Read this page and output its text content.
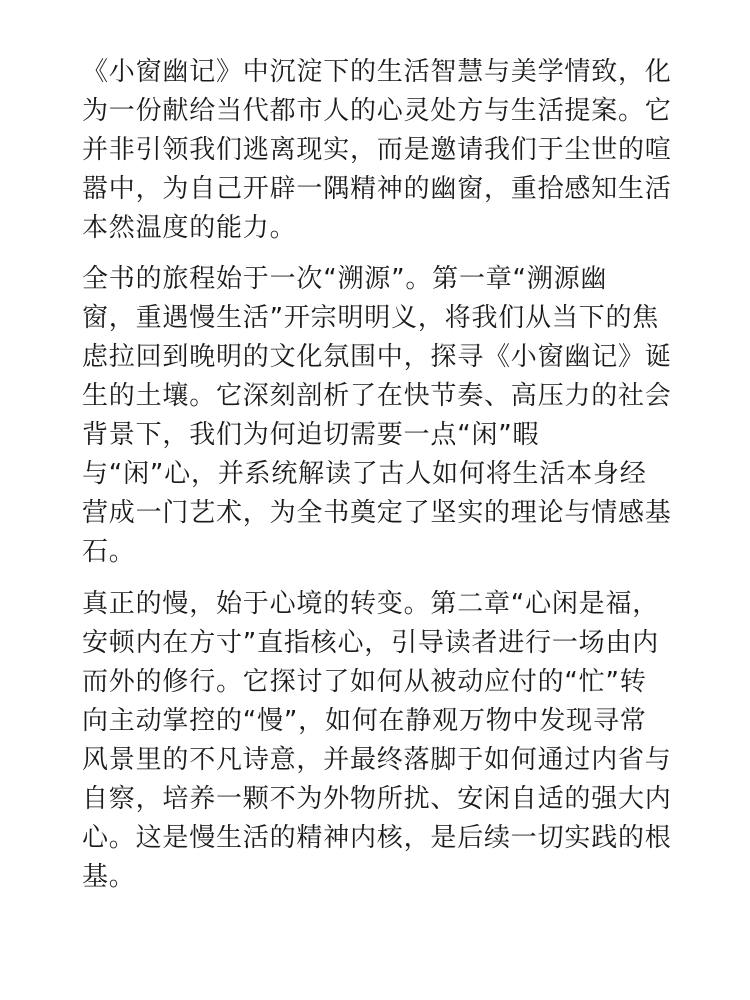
《小窗幽记》中沉淀下的生活智慧与美学情致，化
为一份献给当代都市人的心灵处方与生活提案。它
并非引领我们逃离现实，而是邀请我们于尘世的喧
嚣中，为自己开辟一隅精神的幽窗，重拾感知生活
本然温度的能力。
全书的旅程始于一次“溯源”。第一章“溯源幽
窗，重遇慢生活”开宗明明义，将我们从当下的焦
虑拉回到晚明的文化氛围中，探寻《小窗幽记》诞
生的土壤。它深刻剖析了在快节奏、高压力的社会
背景下，我们为何迫切需要一点“闲”暇
与“闲”心，并系统解读了古人如何将生活本身经
营成一门艺术，为全书奠定了坚实的理论与情感基
石。
真正的慢，始于心境的转变。第二章“心闲是福，
安顿内在方寸”直指核心，引导读者进行一场由内
而外的修行。它探讨了如何从被动应付的“忙”转
向主动掌控的“慢”，如何在静观万物中发现寻常
风景里的不凡诗意，并最终落脚于如何通过内省与
自察，培养一颗不为外物所扰、安闲自适的强大内
心。这是慢生活的精神内核，是后续一切实践的根
基。
